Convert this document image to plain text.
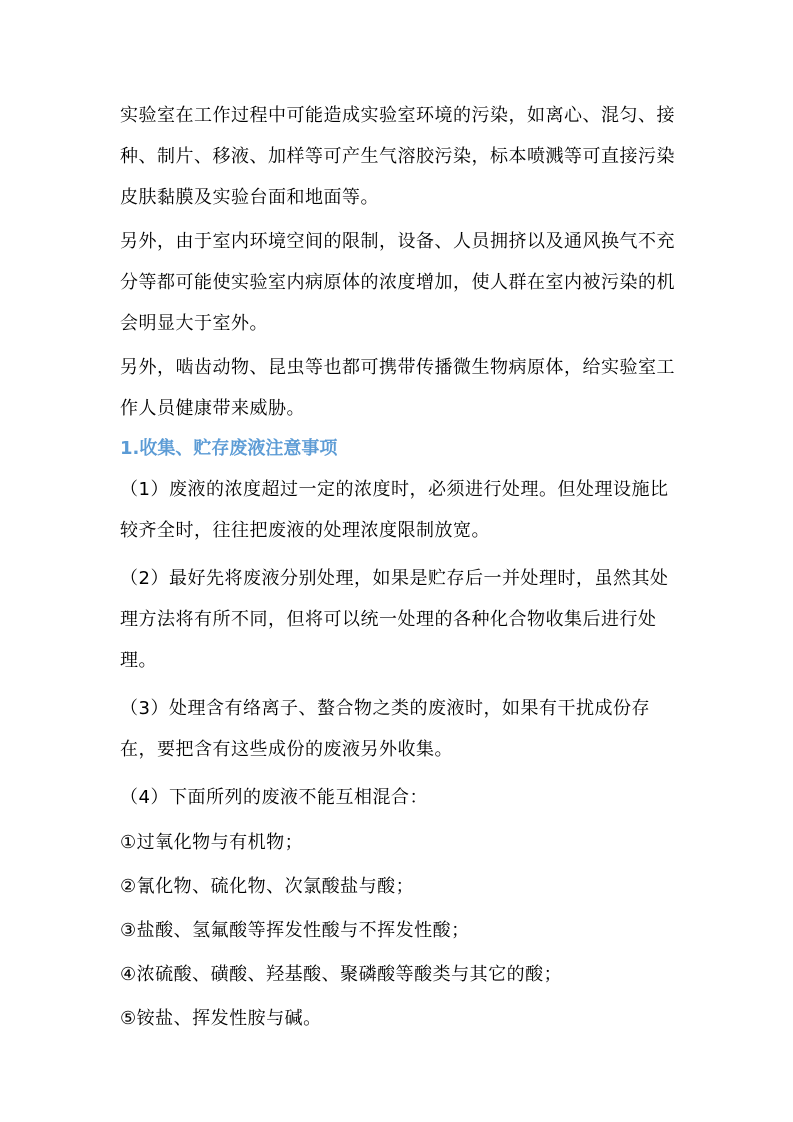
实验室在工作过程中可能造成实验室环境的污染，如离心、混匀、接种、制片、移液、加样等可产生气溶胶污染，标本喷溅等可直接污染皮肤黏膜及实验台面和地面等。

另外，由于室内环境空间的限制，设备、人员拥挤以及通风换气不充分等都可能使实验室内病原体的浓度增加，使人群在室内被污染的机会明显大于室外。

另外，啮齿动物、昆虫等也都可携带传播微生物病原体，给实验室工作人员健康带来威胁。

1.收集、贮存废液注意事项

（1）废液的浓度超过一定的浓度时，必须进行处理。但处理设施比较齐全时，往往把废液的处理浓度限制放宽。

（2）最好先将废液分别处理，如果是贮存后一并处理时，虽然其处理方法将有所不同，但将可以统一处理的各种化合物收集后进行处理。

（3）处理含有络离子、螯合物之类的废液时，如果有干扰成份存在，要把含有这些成份的废液另外收集。

（4）下面所列的废液不能互相混合：

①过氧化物与有机物；

②氰化物、硫化物、次氯酸盐与酸；

③盐酸、氢氟酸等挥发性酸与不挥发性酸；

④浓硫酸、磺酸、羟基酸、聚磷酸等酸类与其它的酸；

⑤铵盐、挥发性胺与碱。
